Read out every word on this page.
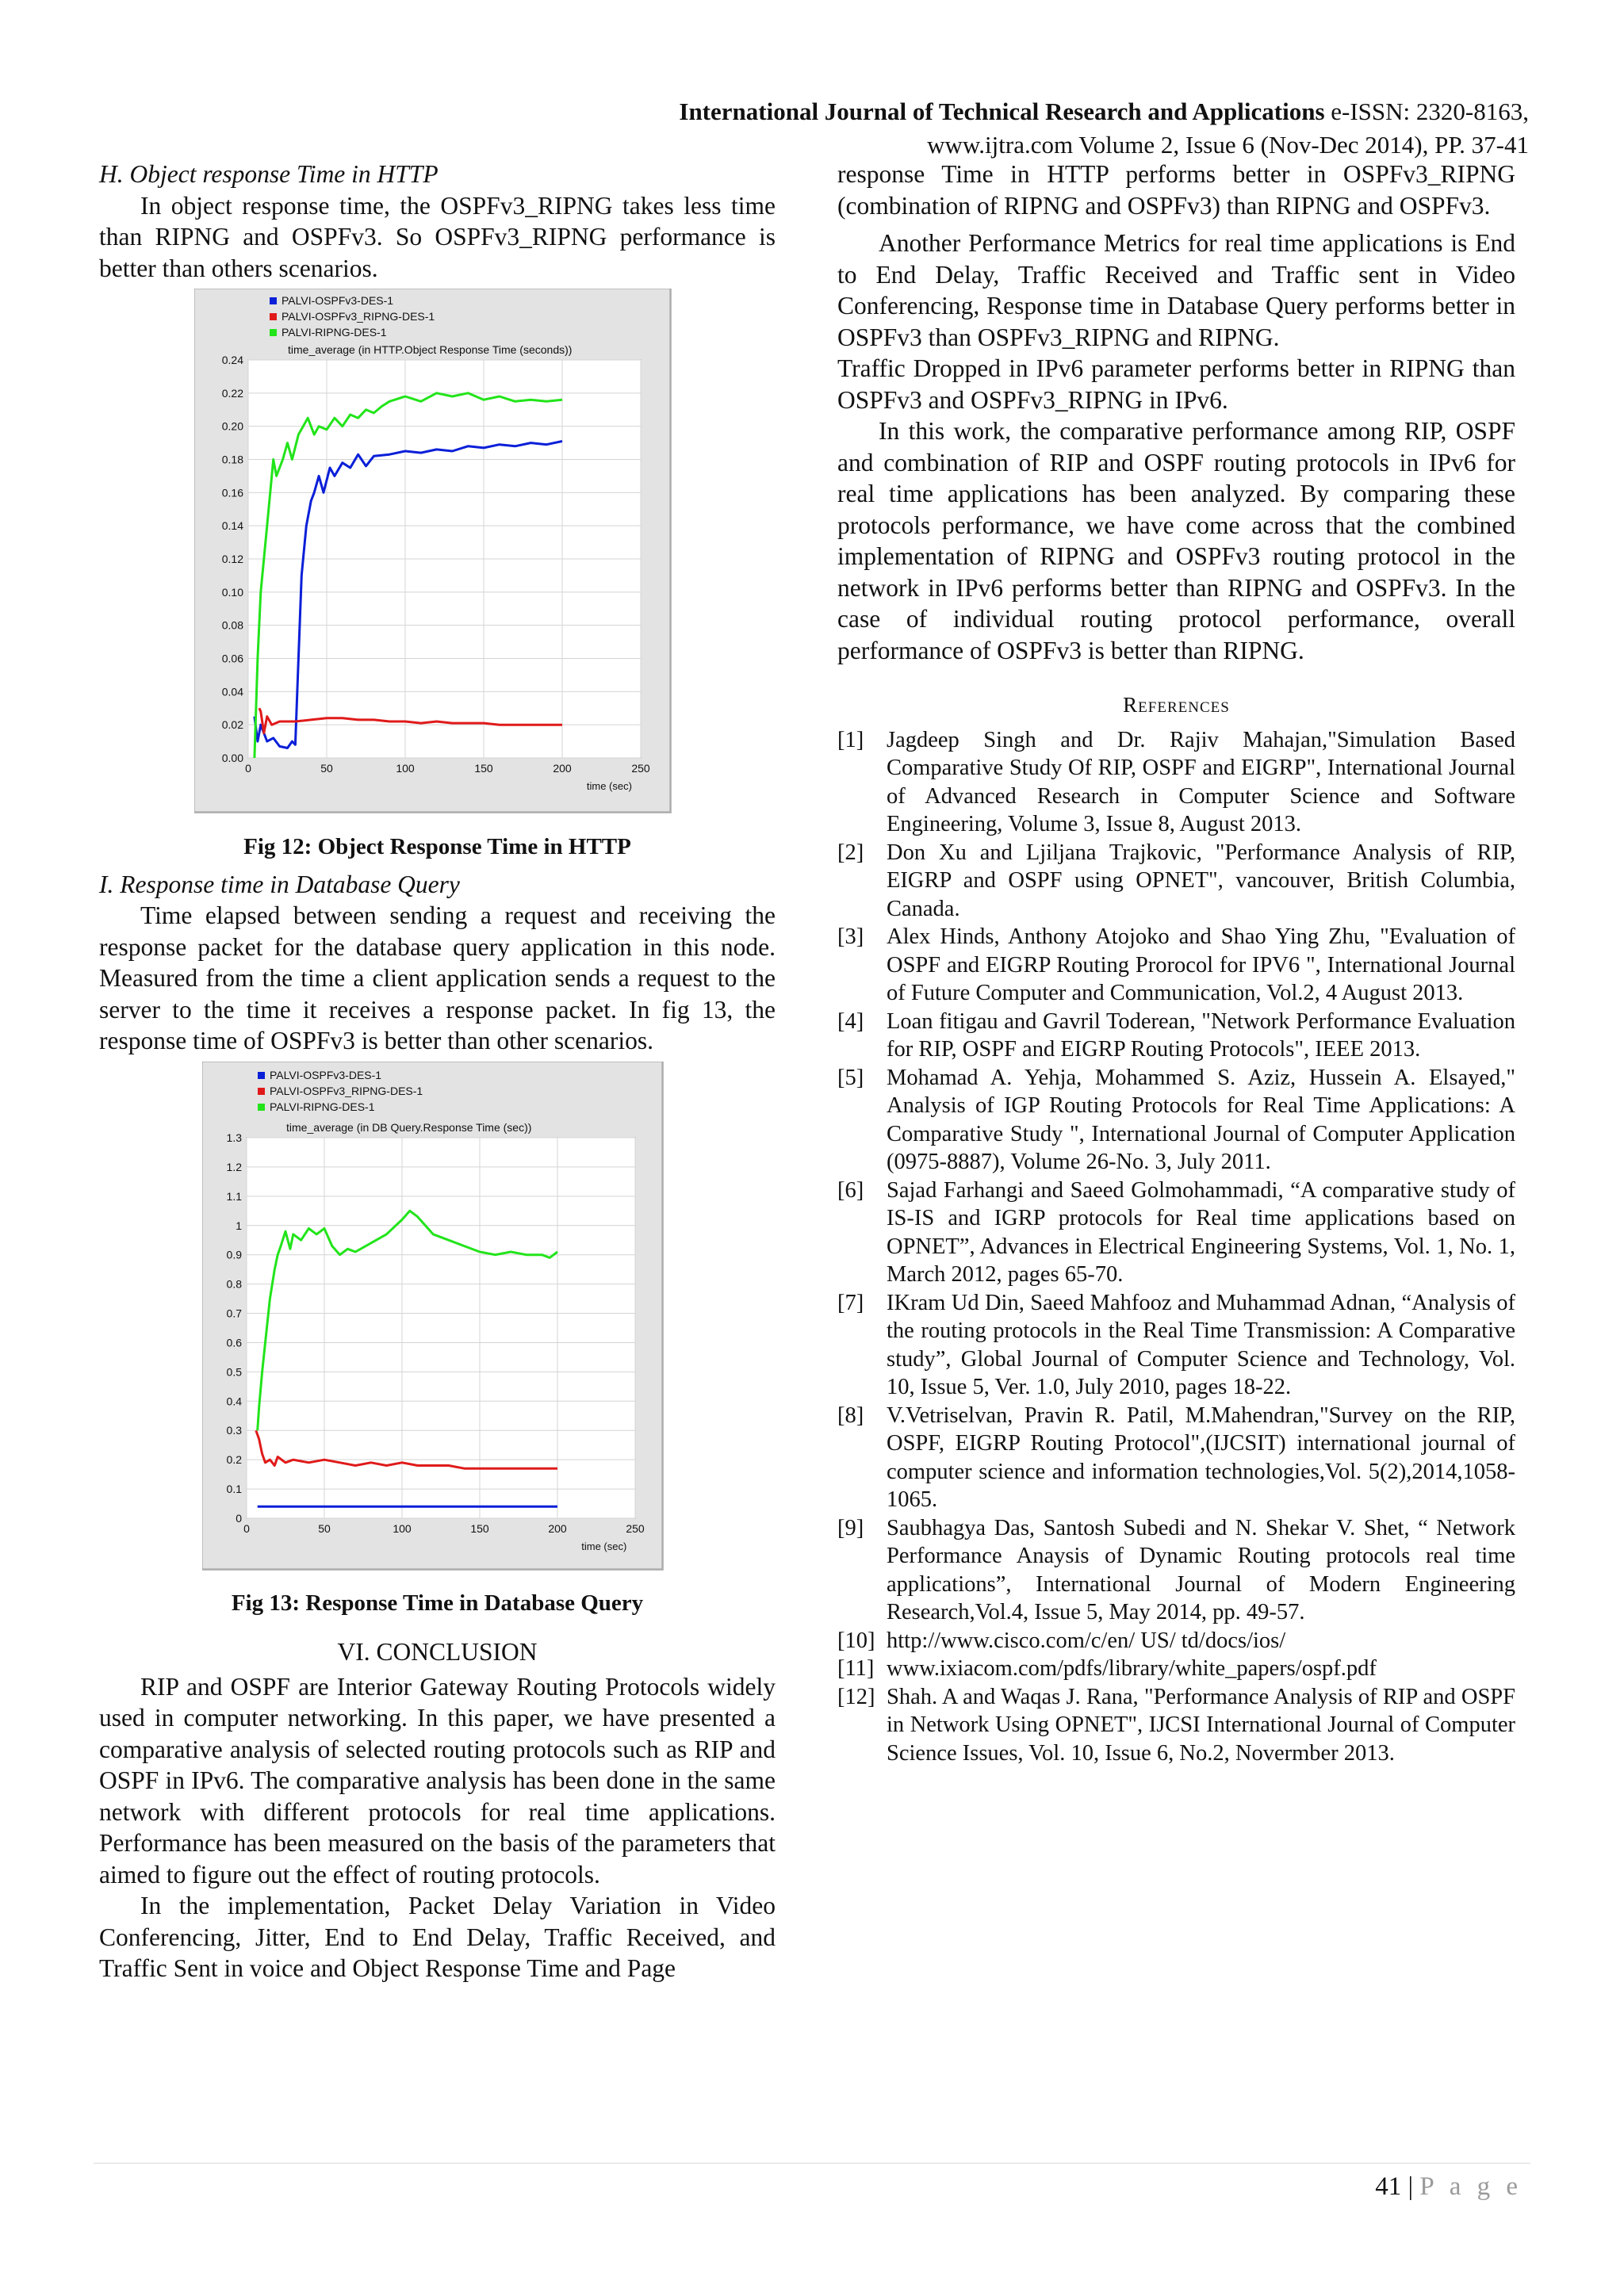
International Journal of Technical Research and Applications e-ISSN: 2320-8163,
www.ijtra.com Volume 2, Issue 6 (Nov-Dec 2014), PP. 37-41

H. Object response Time in HTTP

In object response time, the OSPFv3_RIPNG takes less time than RIPNG and OSPFv3. So OSPFv3_RIPNG performance is better than others scenarios.

PALVI-OSPFv3-DES-1
PALVI-OSPFv3_RIPNG-DES-1
PALVI-RIPNG-DES-1
time_average (in HTTP.Object Response Time (seconds))
0.00
0.02
0.04
0.06
0.08
0.10
0.12
0.14
0.16
0.18
0.20
0.22
0.24
0	50	100	150	200	250
time (sec)
Fig 12: Object Response Time in HTTP

I. Response time in Database Query

Time elapsed between sending a request and receiving the response packet for the database query application in this node. Measured from the time a client application sends a request to the server to the time it receives a response packet. In fig 13, the response time of OSPFv3 is better than other scenarios.

PALVI-OSPFv3-DES-1
PALVI-OSPFv3_RIPNG-DES-1
PALVI-RIPNG-DES-1
time_average (in DB Query.Response Time (sec))
0
0.1
0.2
0.3
0.4
0.5
0.6
0.7
0.8
0.9
1
1.1
1.2
1.3
0	50	100	150	200	250
time (sec)
Fig 13: Response Time in Database Query
VI. CONCLUSION

RIP and OSPF are Interior Gateway Routing Protocols widely used in computer networking. In this paper, we have presented a comparative analysis of selected routing protocols such as RIP and OSPF in IPv6. The comparative analysis has been done in the same network with different protocols for real time applications. Performance has been measured on the basis of the parameters that aimed to figure out the effect of routing protocols.

In the implementation, Packet Delay Variation in Video Conferencing, Jitter, End to End Delay, Traffic Received, and Traffic Sent in voice and Object Response Time and Page

response Time in HTTP performs better in OSPFv3_RIPNG (combination of RIPNG and OSPFv3) than RIPNG and OSPFv3.

Another Performance Metrics for real time applications is End to End Delay, Traffic Received and Traffic sent in Video Conferencing, Response time in Database Query performs better in OSPFv3 than OSPFv3_RIPNG and RIPNG.

Traffic Dropped in IPv6 parameter performs better in RIPNG than OSPFv3 and OSPFv3_RIPNG in IPv6.

In this work, the comparative performance among RIP, OSPF and combination of RIP and OSPF routing protocols in IPv6 for real time applications has been analyzed. By comparing these protocols performance, we have come across that the combined implementation of RIPNG and OSPFv3 routing protocol in the network in IPv6 performs better than RIPNG and OSPFv3. In the case of individual routing protocol performance, overall performance of OSPFv3 is better than RIPNG.

References
[1] Jagdeep Singh and Dr. Rajiv Mahajan,"Simulation Based Comparative Study Of RIP, OSPF and EIGRP", International Journal of Advanced Research in Computer Science and Software Engineering, Volume 3, Issue 8, August 2013.
[2] Don Xu and Ljiljana Trajkovic, "Performance Analysis of RIP, EIGRP and OSPF using OPNET", vancouver, British Columbia, Canada.
[3] Alex Hinds, Anthony Atojoko and Shao Ying Zhu, "Evaluation of OSPF and EIGRP Routing Prorocol for IPV6 ", International Journal of Future Computer and Communication, Vol.2, 4 August 2013.
[4] Loan fitigau and Gavril Toderean, "Network Performance Evaluation for RIP, OSPF and EIGRP Routing Protocols", IEEE 2013.
[5] Mohamad A. Yehja, Mohammed S. Aziz, Hussein A. Elsayed," Analysis of IGP Routing Protocols for Real Time Applications: A Comparative Study ", International Journal of Computer Application (0975-8887), Volume 26-No. 3, July 2011.
[6] Sajad Farhangi and Saeed Golmohammadi, “A comparative study of IS-IS and IGRP protocols for Real time applications based on OPNET”, Advances in Electrical Engineering Systems, Vol. 1, No. 1, March 2012, pages 65-70.
[7] IKram Ud Din, Saeed Mahfooz and Muhammad Adnan, “Analysis of the routing protocols in the Real Time Transmission: A Comparative study”, Global Journal of Computer Science and Technology, Vol. 10, Issue 5, Ver. 1.0, July 2010, pages 18-22.
[8] V.Vetriselvan, Pravin R. Patil, M.Mahendran,"Survey on the RIP, OSPF, EIGRP Routing Protocol",(IJCSIT) international journal of computer science and information technologies,Vol. 5(2),2014,1058-1065.
[9] Saubhagya Das, Santosh Subedi and N. Shekar V. Shet, “ Network Performance Anaysis of Dynamic Routing protocols real time applications”, International Journal of Modern Engineering Research,Vol.4, Issue 5, May 2014, pp. 49-57.
[10] http://www.cisco.com/c/en/ US/ td/docs/ios/
[11] www.ixiacom.com/pdfs/library/white_papers/ospf.pdf
[12] Shah. A and Waqas J. Rana, "Performance Analysis of RIP and OSPF in Network Using OPNET", IJCSI International Journal of Computer Science Issues, Vol. 10, Issue 6, No.2, Novermber 2013.
41 | P a g e
